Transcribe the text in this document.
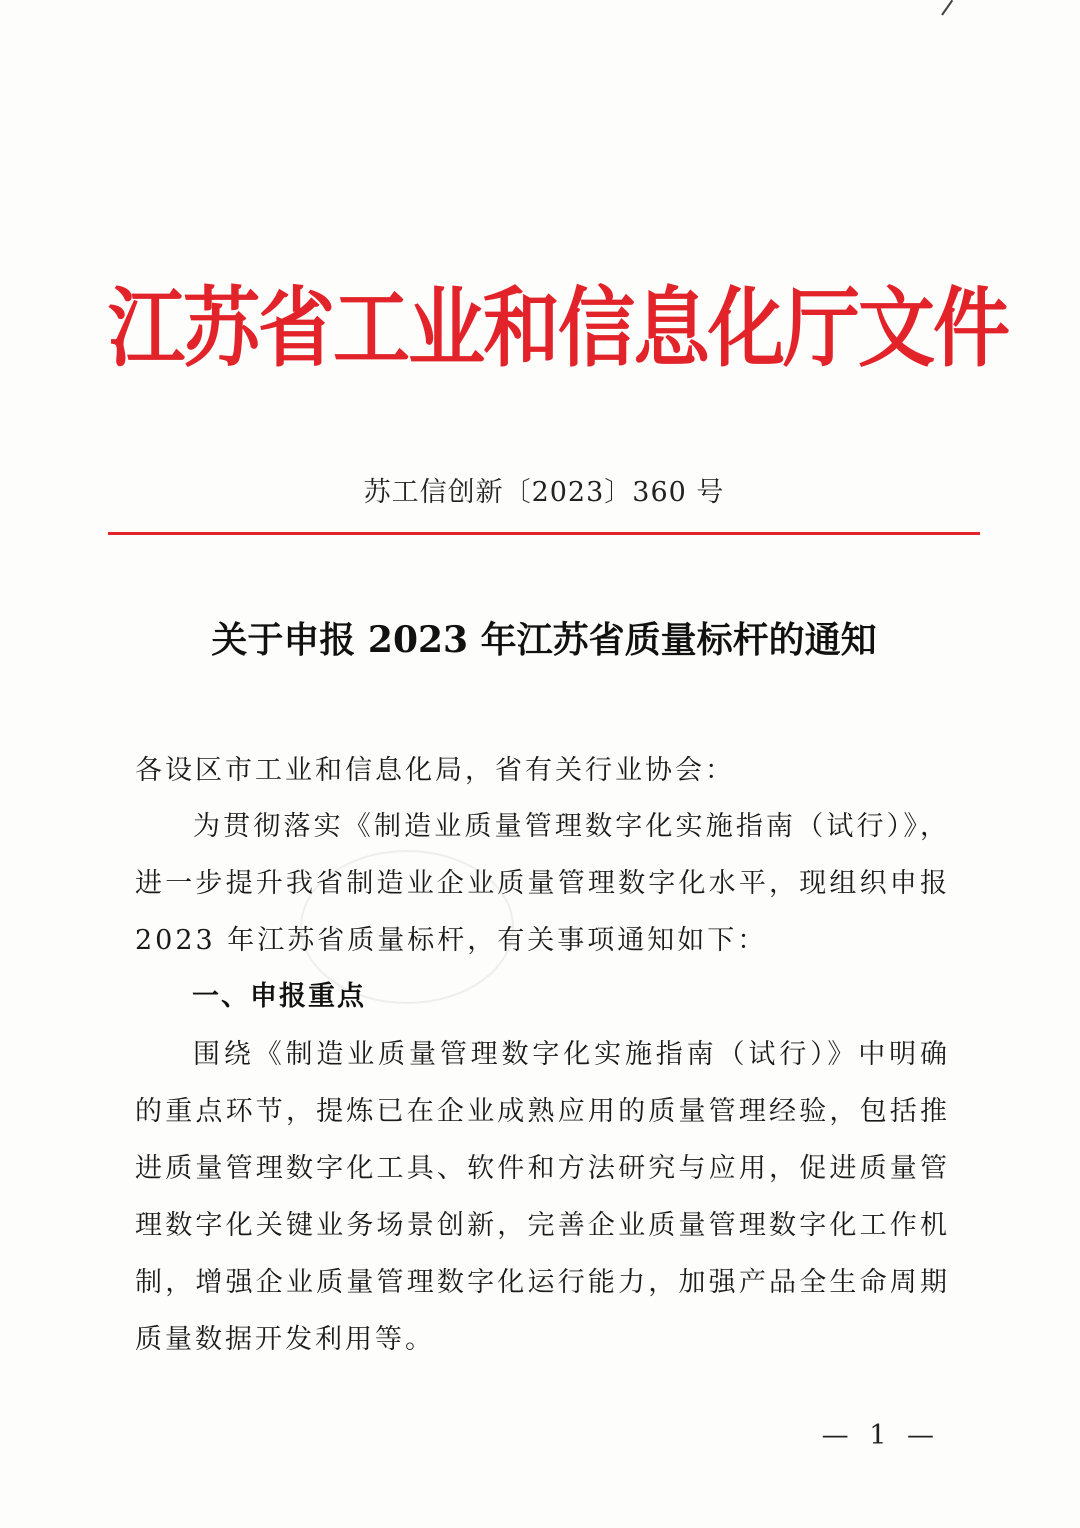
江苏省工业和信息化厅文件
苏工信创新〔2023〕360 号
关于申报 2023 年江苏省质量标杆的通知
各设区市工业和信息化局，省有关行业协会：
为贯彻落实《制造业质量管理数字化实施指南（试行）》，进一步提升我省制造业企业质量管理数字化水平，现组织申报 2023 年江苏省质量标杆，有关事项通知如下：
一、申报重点
围绕《制造业质量管理数字化实施指南（试行）》中明确的重点环节，提炼已在企业成熟应用的质量管理经验，包括推进质量管理数字化工具、软件和方法研究与应用，促进质量管理数字化关键业务场景创新，完善企业质量管理数字化工作机制，增强企业质量管理数字化运行能力，加强产品全生命周期质量数据开发利用等。
— 1 —
